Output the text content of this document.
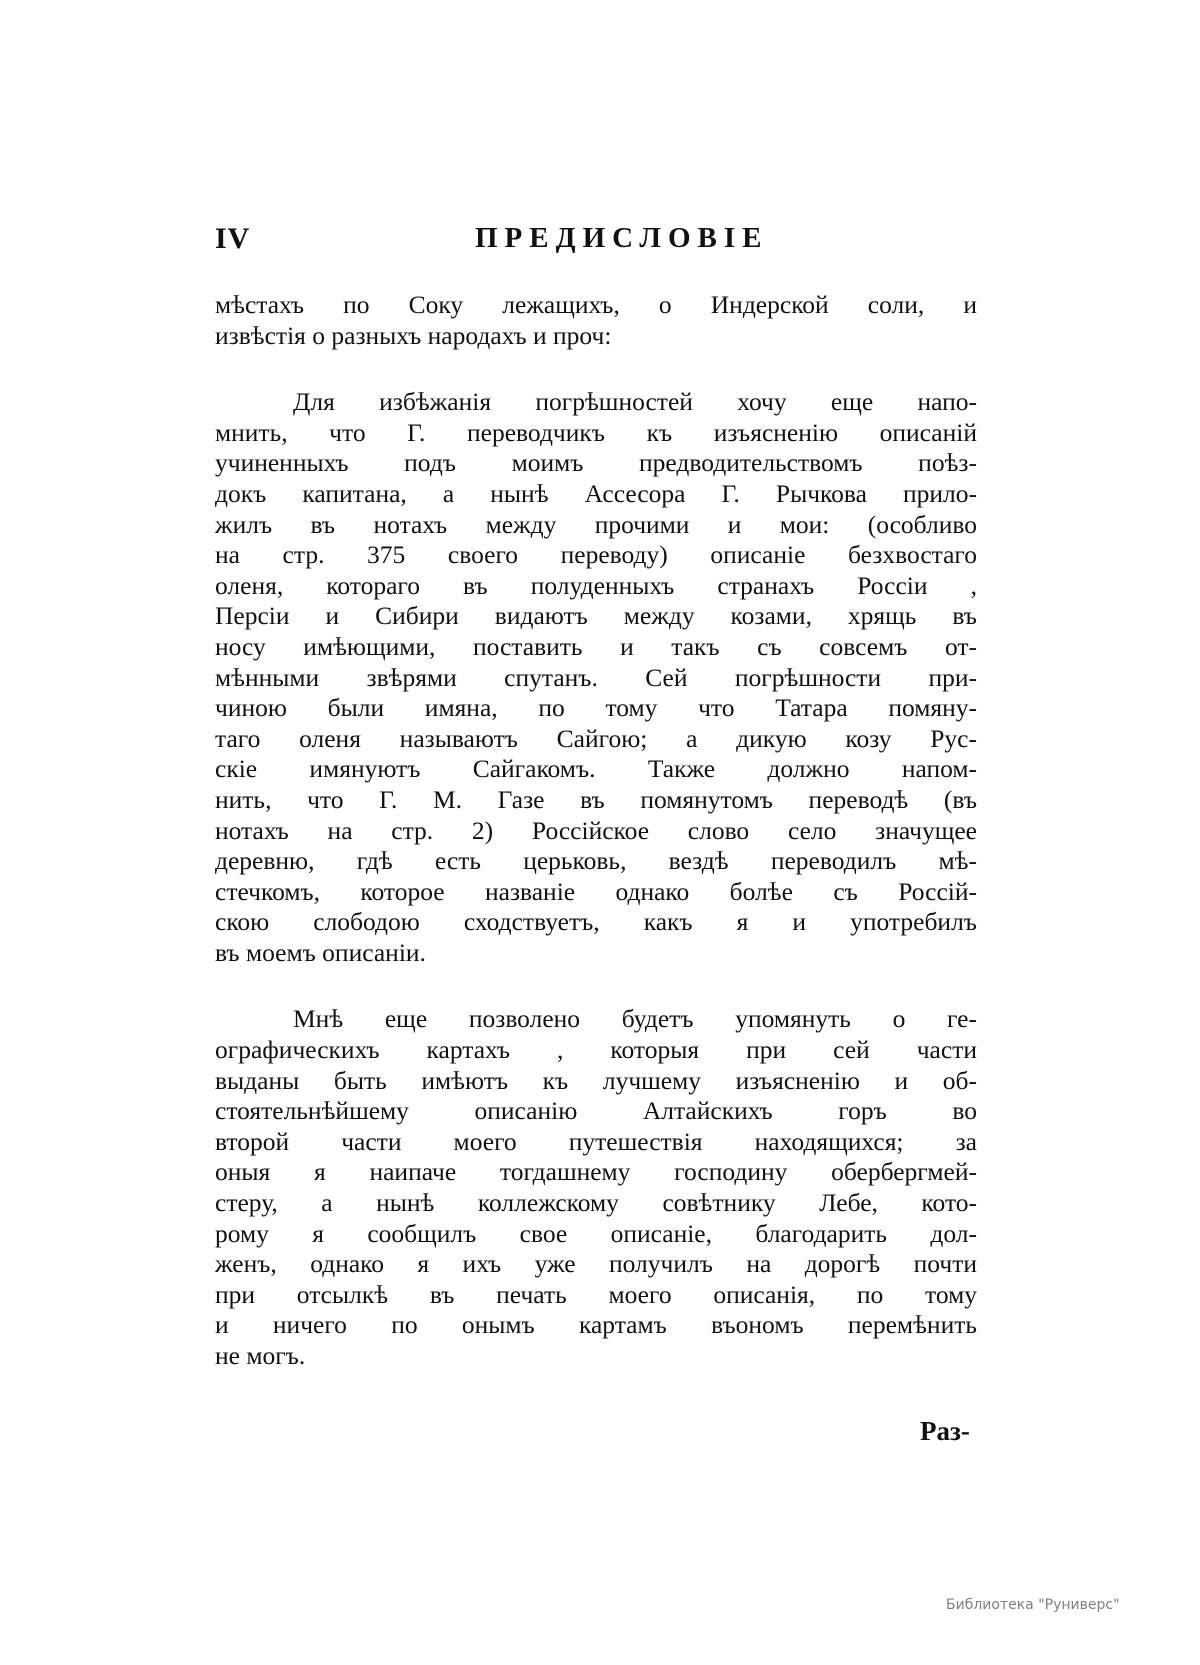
IV	ПРЕДИСЛОВІЕ
мѣстахъ по Соку лежащихъ, о Индерской соли, и
извѣстія о разныхъ народахъ и проч:
Для избѣжанія погрѣшностей хочу еще напо-
мнить, что Г. переводчикъ къ изъясненію описаній
учиненныхъ подъ моимъ предводительствомъ поѣз-
докъ капитана, а нынѣ Ассесора Г. Рычкова прило-
жилъ въ нотахъ между прочими и мои: (особливо
на стр. 375 своего переводу) описаніе безхвостаго
оленя, котораго въ полуденныхъ странахъ Россіи ,
Персіи и Сибири видаютъ между козами, хрящь въ
носу имѣющими, поставить и такъ съ совсемъ от-
мѣнными звѣрями спутанъ. Сей погрѣшности при-
чиною были имяна, по тому что Татара помяну-
таго оленя называютъ Сайгою; а дикую козу Рус-
скіе имянуютъ Сайгакомъ. Также должно напом-
нить, что Г. М. Газе въ помянутомъ переводѣ (въ
нотахъ на стр. 2) Россійское слово село значущее
деревню, гдѣ есть церьковь, вездѣ переводилъ мѣ-
стечкомъ, которое названіе однако болѣе съ Россій-
скою слободою сходствуетъ, какъ я и употребилъ
въ моемъ описаніи.
Мнѣ еще позволено будетъ упомянуть о ге-
ографическихъ картахъ , которыя при сей части
выданы быть имѣютъ къ лучшему изъясненію и об-
стоятельнѣйшему описанію Алтайскихъ горъ во
второй части моего путешествія находящихся; за
оныя я наипаче тогдашнему господину обербергмей-
стеру, а нынѣ коллежскому совѣтнику Лебе, кото-
рому я сообщилъ свое описаніе, благодарить дол-
женъ, однако я ихъ уже получилъ на дорогѣ почти
при отсылкѣ въ печать моего описанія, по тому
и ничего по онымъ картамъ въономъ перемѣнить
не могъ.
Раз-
Библиотека "Руниверс"
